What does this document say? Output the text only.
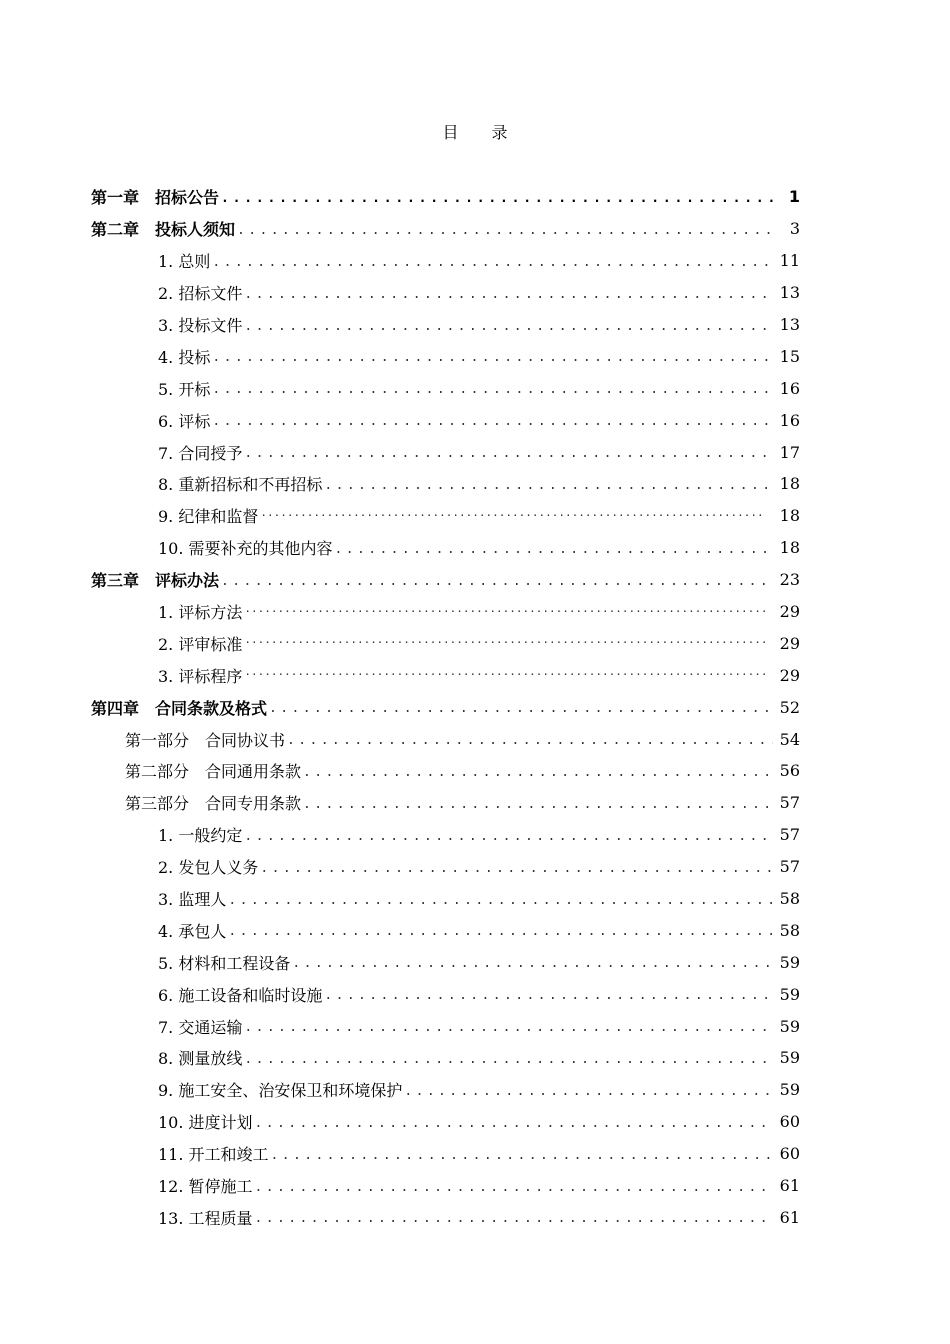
目 录
第一章　招标公告 .....	1
第二章　投标人须知 .....	3
1. 总则 .....	11
2. 招标文件 .....	13
3. 投标文件 .....	13
4. 投标 .....	15
5. 开标 .....	16
6. 评标 .....	16
7. 合同授予 .....	17
8. 重新招标和不再招标 .....	18
9. 纪律和监督 ·····	18
10. 需要补充的其他内容 .....	18
第三章　评标办法 .....	23
1. 评标方法 ·····	29
2. 评审标准 ·····	29
3. 评标程序 ·····	29
第四章　合同条款及格式 .....	52
第一部分　合同协议书 .....	54
第二部分　合同通用条款 .....	56
第三部分　合同专用条款 .....	57
1. 一般约定 .....	57
2. 发包人义务 .....	57
3. 监理人 .....	58
4. 承包人 .....	58
5. 材料和工程设备 .....	59
6. 施工设备和临时设施 .....	59
7. 交通运输 .....	59
8. 测量放线 .....	59
9. 施工安全、治安保卫和环境保护 .....	59
10. 进度计划 .....	60
11. 开工和竣工 .....	60
12. 暂停施工 .....	61
13. 工程质量 .....	61
